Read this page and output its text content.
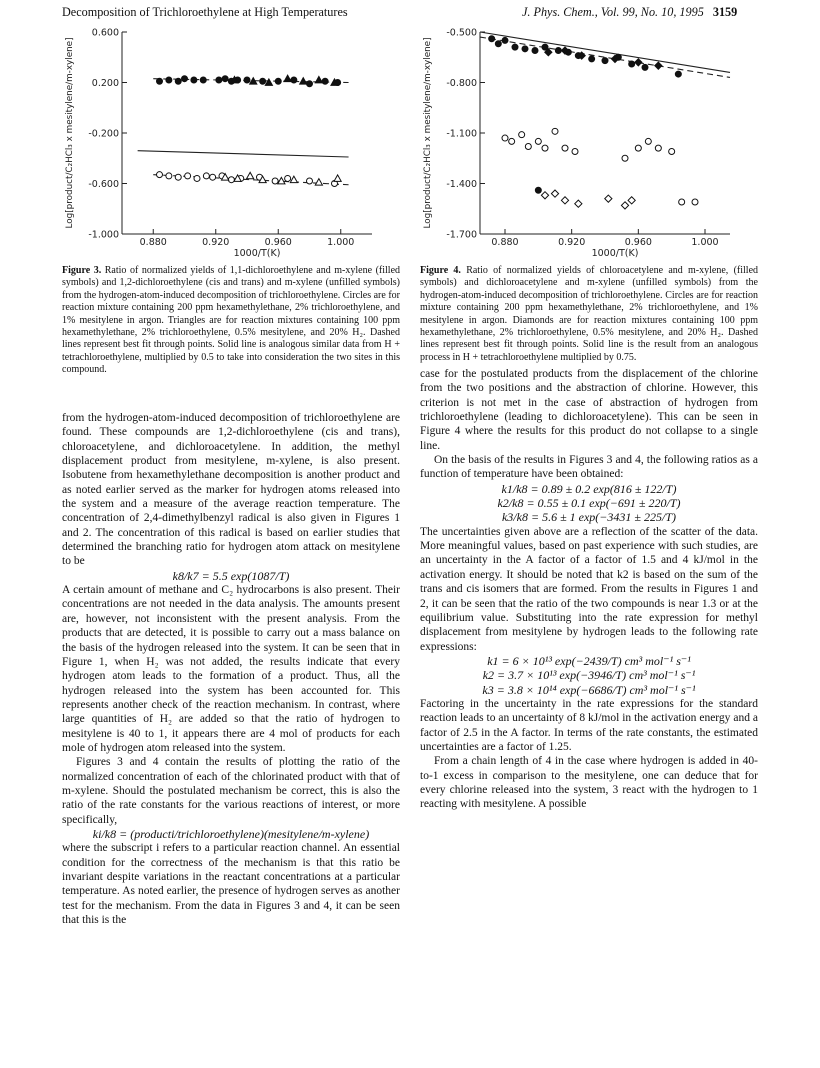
Decomposition of Trichloroethylene at High Temperatures	J. Phys. Chem., Vol. 99, No. 10, 1995 3159
-1.000
-0.600
-0.200
0.200
0.600
0.880	0.920	0.960	1.000
1000/T(K)
Log[product/C₂HCl₃ x mesitylene/m-xylene]
-1.700
-1.400
-1.100
-0.800
-0.500
0.880	0.920	0.960	1.000
1000/T(K)
Log[product/C₂HCl₃ x mesitylene/m-xylene]
Figure 3. Ratio of normalized yields of 1,1-dichloroethylene and m-xylene (filled symbols) and 1,2-dichloroethylene (cis and trans) and m-xylene (unfilled symbols) from the hydrogen-atom-induced decomposition of trichloroethylene. Circles are for reaction mixture containing 200 ppm hexamethylethane, 2% trichloroethylene, and 1% mesitylene in argon. Triangles are for reaction mixtures containing 100 ppm hexamethylethane, 2% trichloroethylene, 0.5% mesitylene, and 20% H₂. Dashed lines represent best fit through points. Solid line is analogous similar data from H + tetrachloroethylene, multiplied by 0.5 to take into consideration the two sites in this compound.
Figure 4. Ratio of normalized yields of chloroacetylene and m-xylene, (filled symbols) and dichloroacetylene and m-xylene (unfilled symbols) from the hydrogen-atom-induced decomposition of trichloroethylene. Circles are for reaction mixture containing 200 ppm hexamethylethane, 2% trichloroethylene, and 1% mesitylene in argon. Diamonds are for reaction mixtures containing 100 ppm hexamethylethane, 2% trichloroethylene, 0.5% mesitylene, and 20% H₂. Dashed lines represent best fit through points. Solid line is the result from an analogous process in H + tetrachloroethylene multiplied by 0.75.

from the hydrogen-atom-induced decomposition of trichloroethylene are found. These compounds are 1,2-dichloroethylene (cis and trans), chloroacetylene, and dichloroacetylene. In addition, the methyl displacement product from mesitylene, m-xylene, is also present. Isobutene from hexamethylethane decomposition is another product and as noted earlier served as the marker for hydrogen atoms released into the system and a measure of the average reaction temperature. The concentration of 2,4-dimethylbenzyl radical is also given in Figures 1 and 2. The concentration of this radical is based on earlier studies that determined the branching ratio for hydrogen atom attack on mesitylene to be

k8/k7 = 5.5 exp(1087/T)

A certain amount of methane and C₂ hydrocarbons is also present. Their concentrations are not needed in the data analysis. The amounts present are, however, not inconsistent with the present analysis. From the products that are detected, it is possible to carry out a mass balance on the basis of the hydrogen released into the system. It can be seen that in Figure 1, when H₂ was not added, the results indicate that every hydrogen atom leads to the formation of a product. Thus, all the hydrogen released into the system has been accounted for. This represents another check of the reaction mechanism. In contrast, where large quantities of H₂ are added so that the ratio of hydrogen to mesitylene is 40 to 1, it appears there are 4 mol of products for each mole of hydrogen atom released into the system.

Figures 3 and 4 contain the results of plotting the ratio of the normalized concentration of each of the chlorinated product with that of m-xylene. Should the postulated mechanism be correct, this is also the ratio of the rate constants for the various reactions of interest, or more specifically,

ki/k8 = (producti/trichloroethylene)(mesitylene/m-xylene)

where the subscript i refers to a particular reaction channel. An essential condition for the correctness of the mechanism is that this ratio be invariant despite variations in the reactant concentrations at a particular temperature. As noted earlier, the presence of hydrogen serves as another test for the mechanism. From the data in Figures 3 and 4, it can be seen that this is the

case for the postulated products from the displacement of the chlorine from the two positions and the abstraction of chlorine. However, this criterion is not met in the case of abstraction of hydrogen from trichloroethylene (leading to dichloroacetylene). This can be seen in Figure 4 where the results for this product do not collapse to a single line.

On the basis of the results in Figures 3 and 4, the following ratios as a function of temperature have been obtained:

k1/k8 = 0.89 ± 0.2 exp(816 ± 122/T)

k2/k8 = 0.55 ± 0.1 exp(−691 ± 220/T)

k3/k8 = 5.6 ± 1 exp(−3431 ± 225/T)

The uncertainties given above are a reflection of the scatter of the data. More meaningful values, based on past experience with such studies, are an uncertainty in the A factor of a factor of 1.5 and 4 kJ/mol in the activation energy. It should be noted that k2 is based on the sum of the trans and cis isomers that are formed. From the results in Figures 1 and 2, it can be seen that the ratio of the two compounds is near 1.3 or at the equilibrium value. Substituting into the rate expression for methyl displacement from mesitylene by hydrogen leads to the following rate expressions:

k1 = 6 × 10¹³ exp(−2439/T) cm³ mol⁻¹ s⁻¹

k2 = 3.7 × 10¹³ exp(−3946/T) cm³ mol⁻¹ s⁻¹

k3 = 3.8 × 10¹⁴ exp(−6686/T) cm³ mol⁻¹ s⁻¹

Factoring in the uncertainty in the rate expressions for the standard reaction leads to an uncertainty of 8 kJ/mol in the activation energy and a factor of 2.5 in the A factor. In terms of the rate constants, the estimated uncertainties are a factor of 1.25.

From a chain length of 4 in the case where hydrogen is added in 40-to-1 excess in comparison to the mesitylene, one can deduce that for every chlorine released into the system, 3 react with the hydrogen to 1 reacting with mesitylene. A possible
